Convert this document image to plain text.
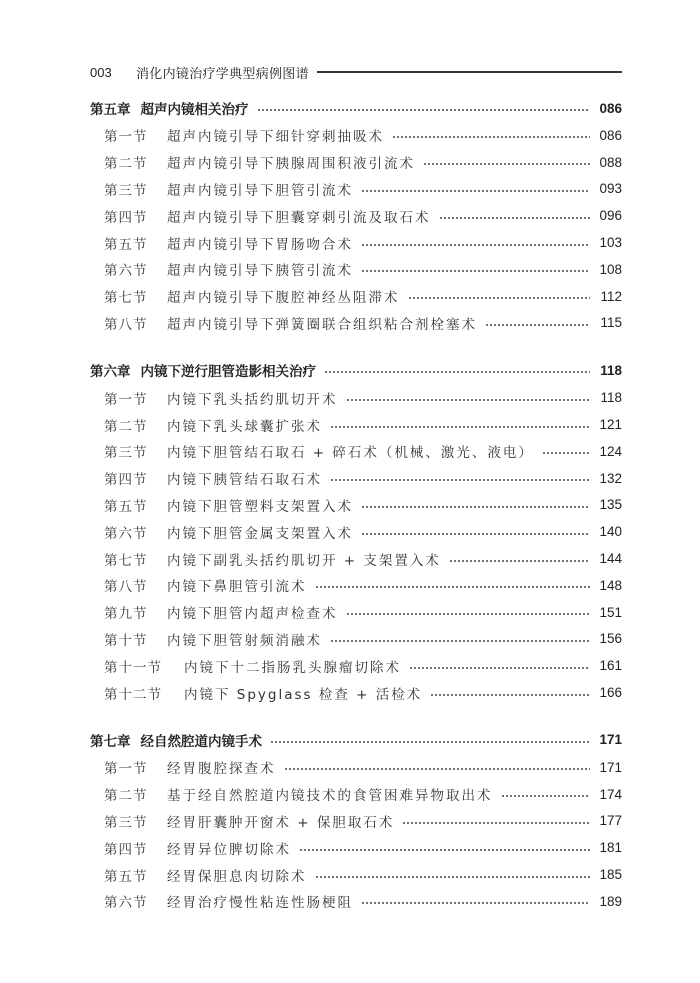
003	消化内镜治疗学典型病例图谱
第五章 超声内镜相关治疗	086
第一节	超声内镜引导下细针穿刺抽吸术	086
第二节	超声内镜引导下胰腺周围积液引流术	088
第三节	超声内镜引导下胆管引流术	093
第四节	超声内镜引导下胆囊穿刺引流及取石术	096
第五节	超声内镜引导下胃肠吻合术	103
第六节	超声内镜引导下胰管引流术	108
第七节	超声内镜引导下腹腔神经丛阻滞术	112
第八节	超声内镜引导下弹簧圈联合组织粘合剂栓塞术	115
第六章 内镜下逆行胆管造影相关治疗	118
第一节	内镜下乳头括约肌切开术	118
第二节	内镜下乳头球囊扩张术	121
第三节	内镜下胆管结石取石 + 碎石术（机械、激光、液电）	124
第四节	内镜下胰管结石取石术	132
第五节	内镜下胆管塑料支架置入术	135
第六节	内镜下胆管金属支架置入术	140
第七节	内镜下副乳头括约肌切开 + 支架置入术	144
第八节	内镜下鼻胆管引流术	148
第九节	内镜下胆管内超声检查术	151
第十节	内镜下胆管射频消融术	156
第十一节	内镜下十二指肠乳头腺瘤切除术	161
第十二节	内镜下 Spyglass 检查 + 活检术	166
第七章 经自然腔道内镜手术	171
第一节	经胃腹腔探查术	171
第二节	基于经自然腔道内镜技术的食管困难异物取出术	174
第三节	经胃肝囊肿开窗术 + 保胆取石术	177
第四节	经胃异位脾切除术	181
第五节	经胃保胆息肉切除术	185
第六节	经胃治疗慢性粘连性肠梗阻	189
